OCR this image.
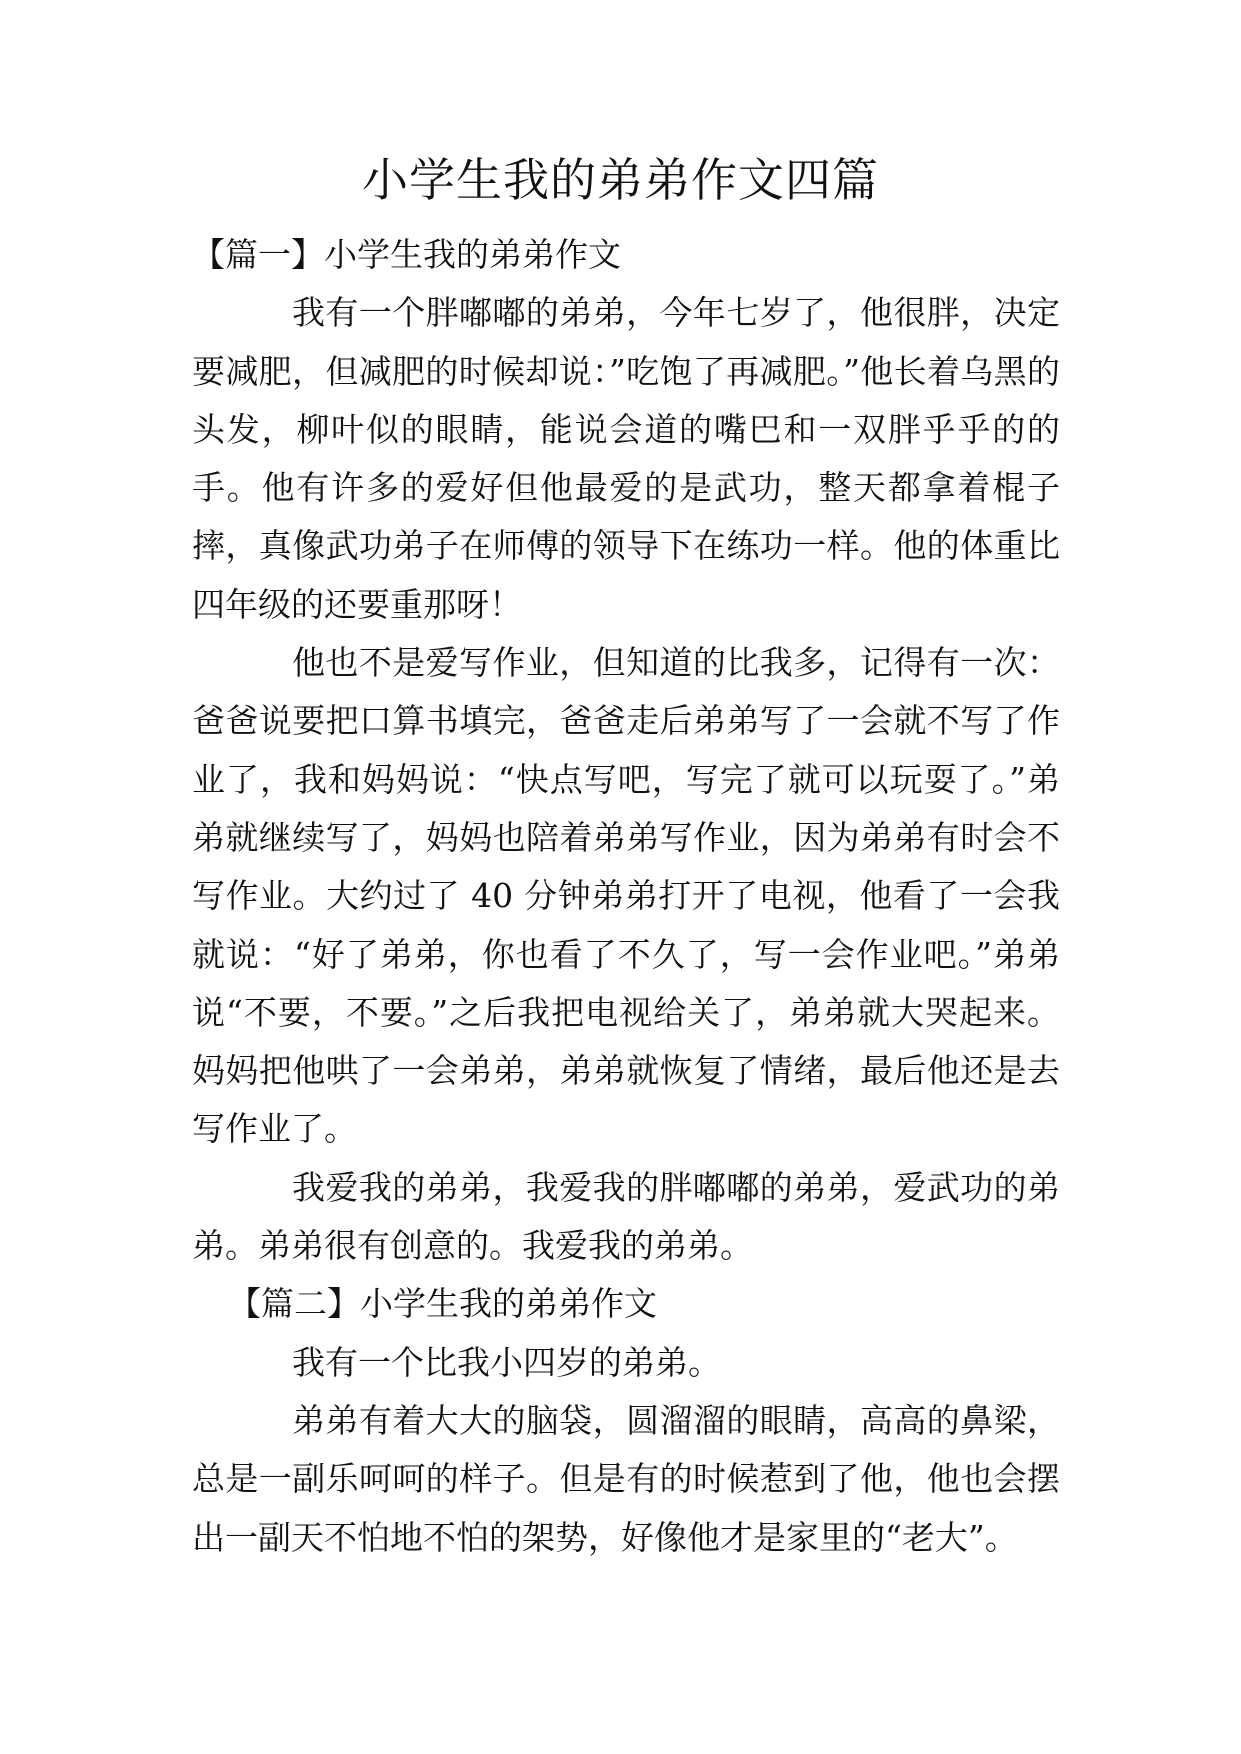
小学生我的弟弟作文四篇

【篇一】小学生我的弟弟作文

我有一个胖嘟嘟的弟弟，今年七岁了，他很胖，决定要减肥，但减肥的时候却说：”吃饱了再减肥。”他长着乌黑的头发，柳叶似的眼睛，能说会道的嘴巴和一双胖乎乎的的手。他有许多的爱好但他最爱的是武功，整天都拿着棍子摔，真像武功弟子在师傅的领导下在练功一样。他的体重比四年级的还要重那呀！

他也不是爱写作业，但知道的比我多，记得有一次：爸爸说要把口算书填完，爸爸走后弟弟写了一会就不写了作业了，我和妈妈说：“快点写吧，写完了就可以玩耍了。”弟弟就继续写了，妈妈也陪着弟弟写作业，因为弟弟有时会不写作业。大约过了 40 分钟弟弟打开了电视，他看了一会我就说：“好了弟弟，你也看了不久了，写一会作业吧。”弟弟说“不要，不要。”之后我把电视给关了，弟弟就大哭起来。妈妈把他哄了一会弟弟，弟弟就恢复了情绪，最后他还是去写作业了。

我爱我的弟弟，我爱我的胖嘟嘟的弟弟，爱武功的弟弟。弟弟很有创意的。我爱我的弟弟。

【篇二】小学生我的弟弟作文

我有一个比我小四岁的弟弟。

弟弟有着大大的脑袋，圆溜溜的眼睛，高高的鼻梁，总是一副乐呵呵的样子。但是有的时候惹到了他，他也会摆出一副天不怕地不怕的架势，好像他才是家里的“老大”。
